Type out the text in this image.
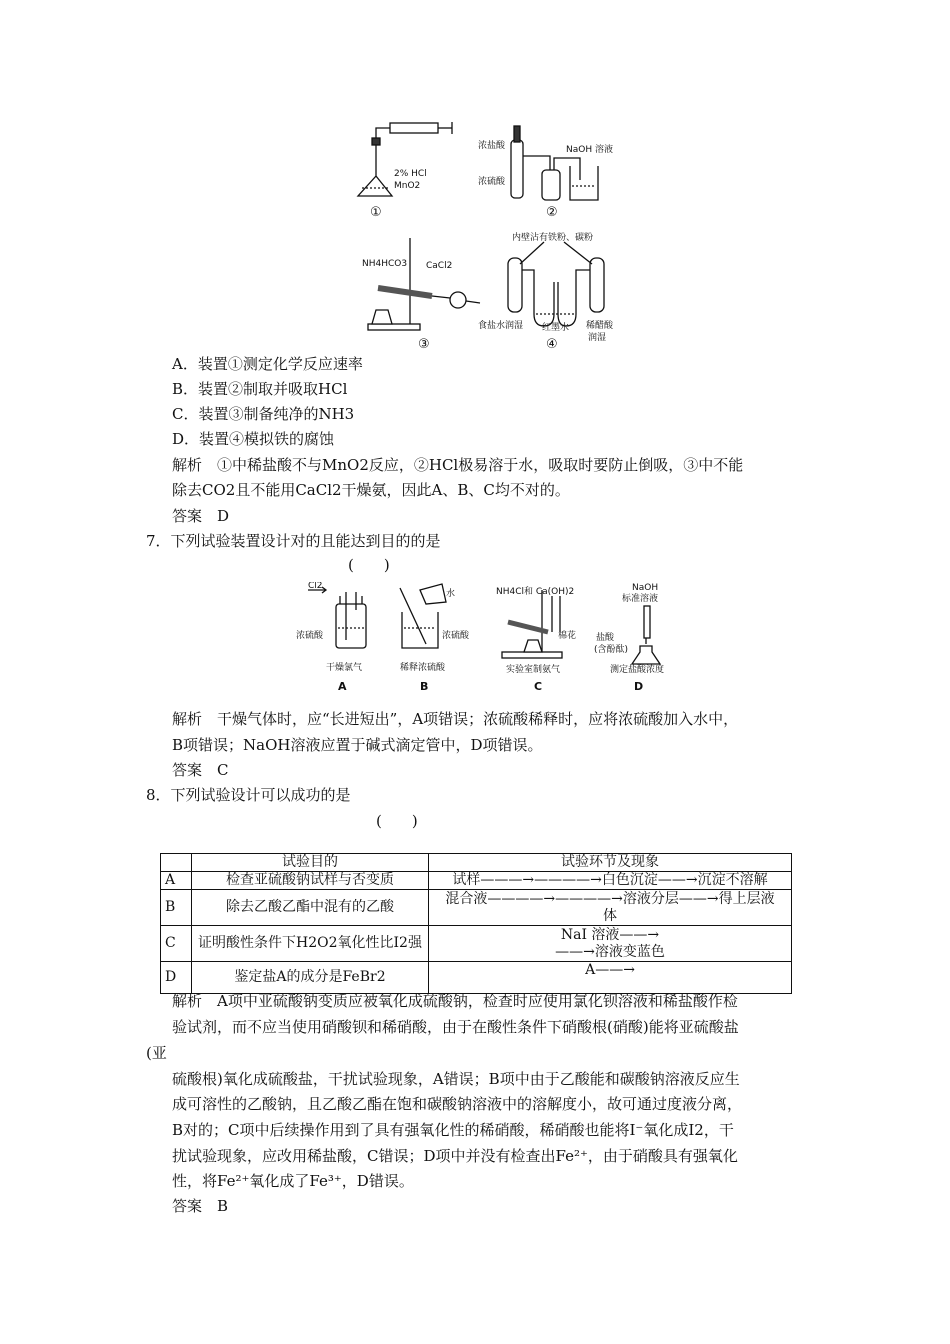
2% HCl
MnO2
①
浓盐酸
浓硫酸
NaOH 溶液
②
NH4HCO3 CaCl2
③
内壁沾有铁粉、碳粉
食盐水润湿 红墨水 稀醋酸
润湿
④
A．装置①测定化学反应速率
B．装置②制取并吸取HCl
C．装置③制备纯净的NH3
D．装置④模拟铁的腐蚀
解析　①中稀盐酸不与MnO2反应，②HCl极易溶于水，吸取时要防止倒吸，③中不能
除去CO2且不能用CaCl2干燥氨，因此A、B、C均不对的。
答案　D
7．下列试验装置设计对的且能达到目的的是
(　　)
Cl2
浓硫酸
干燥氯气
A
水
浓硫酸
稀释浓硫酸
B
NH4Cl和 Ca(OH)2
棉花
实验室制氨气
C
NaOH
标准溶液
盐酸
(含酚酞)
测定盐酸浓度
D
解析　干燥气体时，应“长进短出”，A项错误；浓硫酸稀释时，应将浓硫酸加入水中，
B项错误；NaOH溶液应置于碱式滴定管中，D项错误。
答案　C
8．下列试验设计可以成功的是
(　　)
	试验目的	试验环节及现象
A	检查亚硫酸钠试样与否变质	试样———→————→白色沉淀——→沉淀不溶解

B	除去乙酸乙酯中混有的乙酸	混合液————→————→溶液分层——→得上层液
体

C	证明酸性条件下H2O2氧化性比I2强	NaI 溶液——→
——→溶液变蓝色

D	鉴定盐A的成分是FeBr2	A——→
解析　A项中亚硫酸钠变质应被氧化成硫酸钠，检查时应使用氯化钡溶液和稀盐酸作检
验试剂，而不应当使用硝酸钡和稀硝酸，由于在酸性条件下硝酸根(硝酸)能将亚硫酸盐
(亚
硫酸根)氧化成硫酸盐，干扰试验现象，A错误；B项中由于乙酸能和碳酸钠溶液反应生
成可溶性的乙酸钠，且乙酸乙酯在饱和碳酸钠溶液中的溶解度小，故可通过度液分离，
B对的；C项中后续操作用到了具有强氧化性的稀硝酸，稀硝酸也能将I⁻氧化成I2，干
扰试验现象，应改用稀盐酸，C错误；D项中并没有检查出Fe²⁺，由于硝酸具有强氧化
性，将Fe²⁺氧化成了Fe³⁺，D错误。
答案　B
